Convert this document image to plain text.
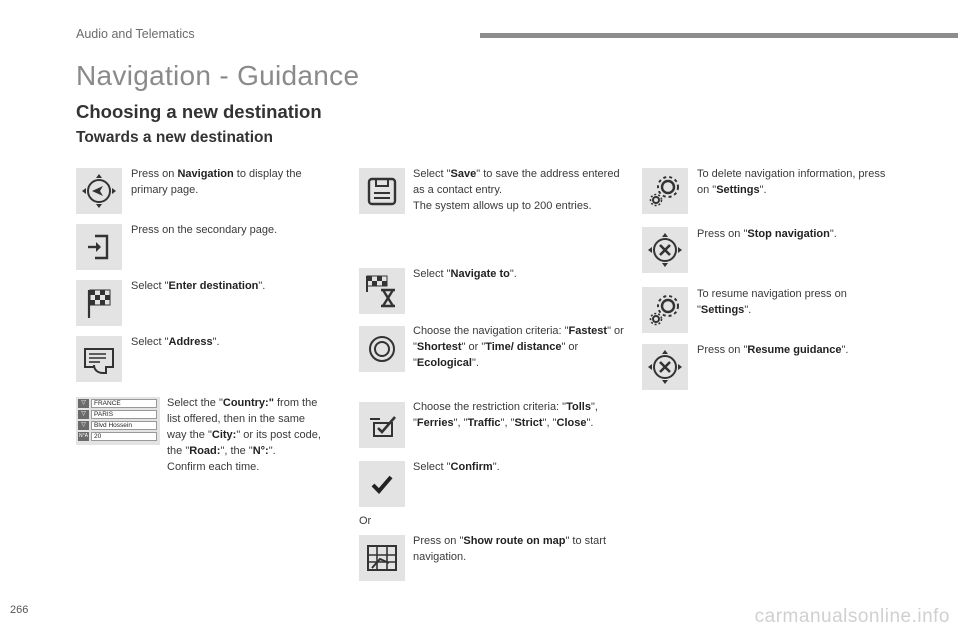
Audio and Telematics
Navigation - Guidance
Choosing a new destination
Towards a new destination
Press on Navigation to display the primary page.
Press on the secondary page.
Select "Enter destination".
Select "Address".
▽	FRANCE
▽	PARIS
▽	Blvd Hossein
N°A 20
Select the "Country:" from the list offered, then in the same way the "City:" or its post code, the "Road:", the "N°:".
Confirm each time.
Select "Save" to save the address entered as a contact entry.
The system allows up to 200 entries.
Select "Navigate to".
Choose the navigation criteria: "Fastest" or "Shortest" or "Time/ distance" or "Ecological".
Choose the restriction criteria: "Tolls", "Ferries", "Traffic", "Strict", "Close".
Select "Confirm".
Or
Press on "Show route on map" to start navigation.
To delete navigation information, press on "Settings".
Press on "Stop navigation".
To resume navigation press on "Settings".
Press on "Resume guidance".
266	carmanualsonline.info
